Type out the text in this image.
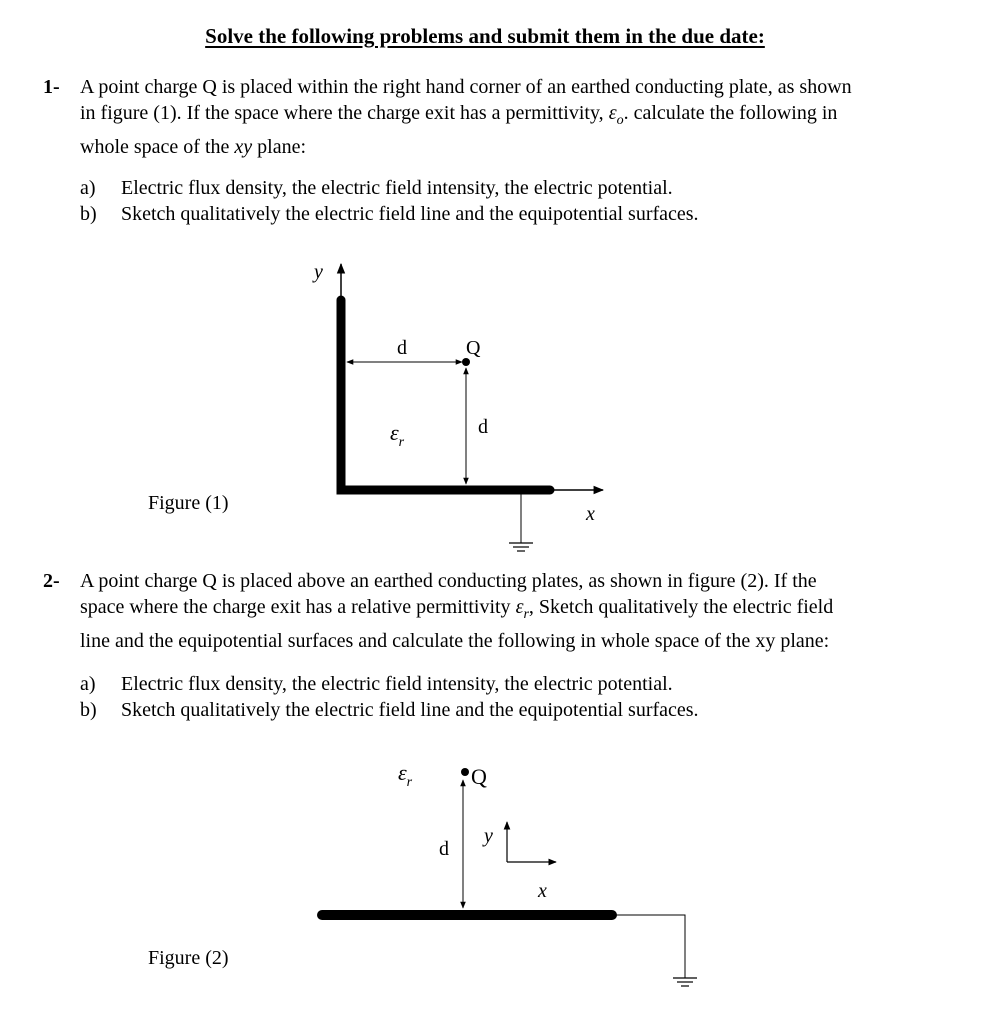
Solve the following problems and submit them in the due date:
1- A point charge Q is placed within the right hand corner of an earthed conducting plate, as shown
in figure (1). If the space where the charge exit has a permittivity, $\varepsilon_o$. calculate the following in
whole space of the xy plane:
a) Electric flux density, the electric field intensity, the electric potential.
b) Sketch qualitatively the electric field line and the equipotential surfaces.
Figure (1)
y
x
d	Q
d
$\varepsilon_r$
2- A point charge Q is placed above an earthed conducting plates, as shown in figure (2). If the
space where the charge exit has a relative permittivity $\varepsilon_r$, Sketch qualitatively the electric field
line and the equipotential surfaces and calculate the following in whole space of the xy plane:
a) Electric flux density, the electric field intensity, the electric potential.
b) Sketch qualitatively the electric field line and the equipotential surfaces.
Figure (2)
$\varepsilon_r$	Q
d
y
x
